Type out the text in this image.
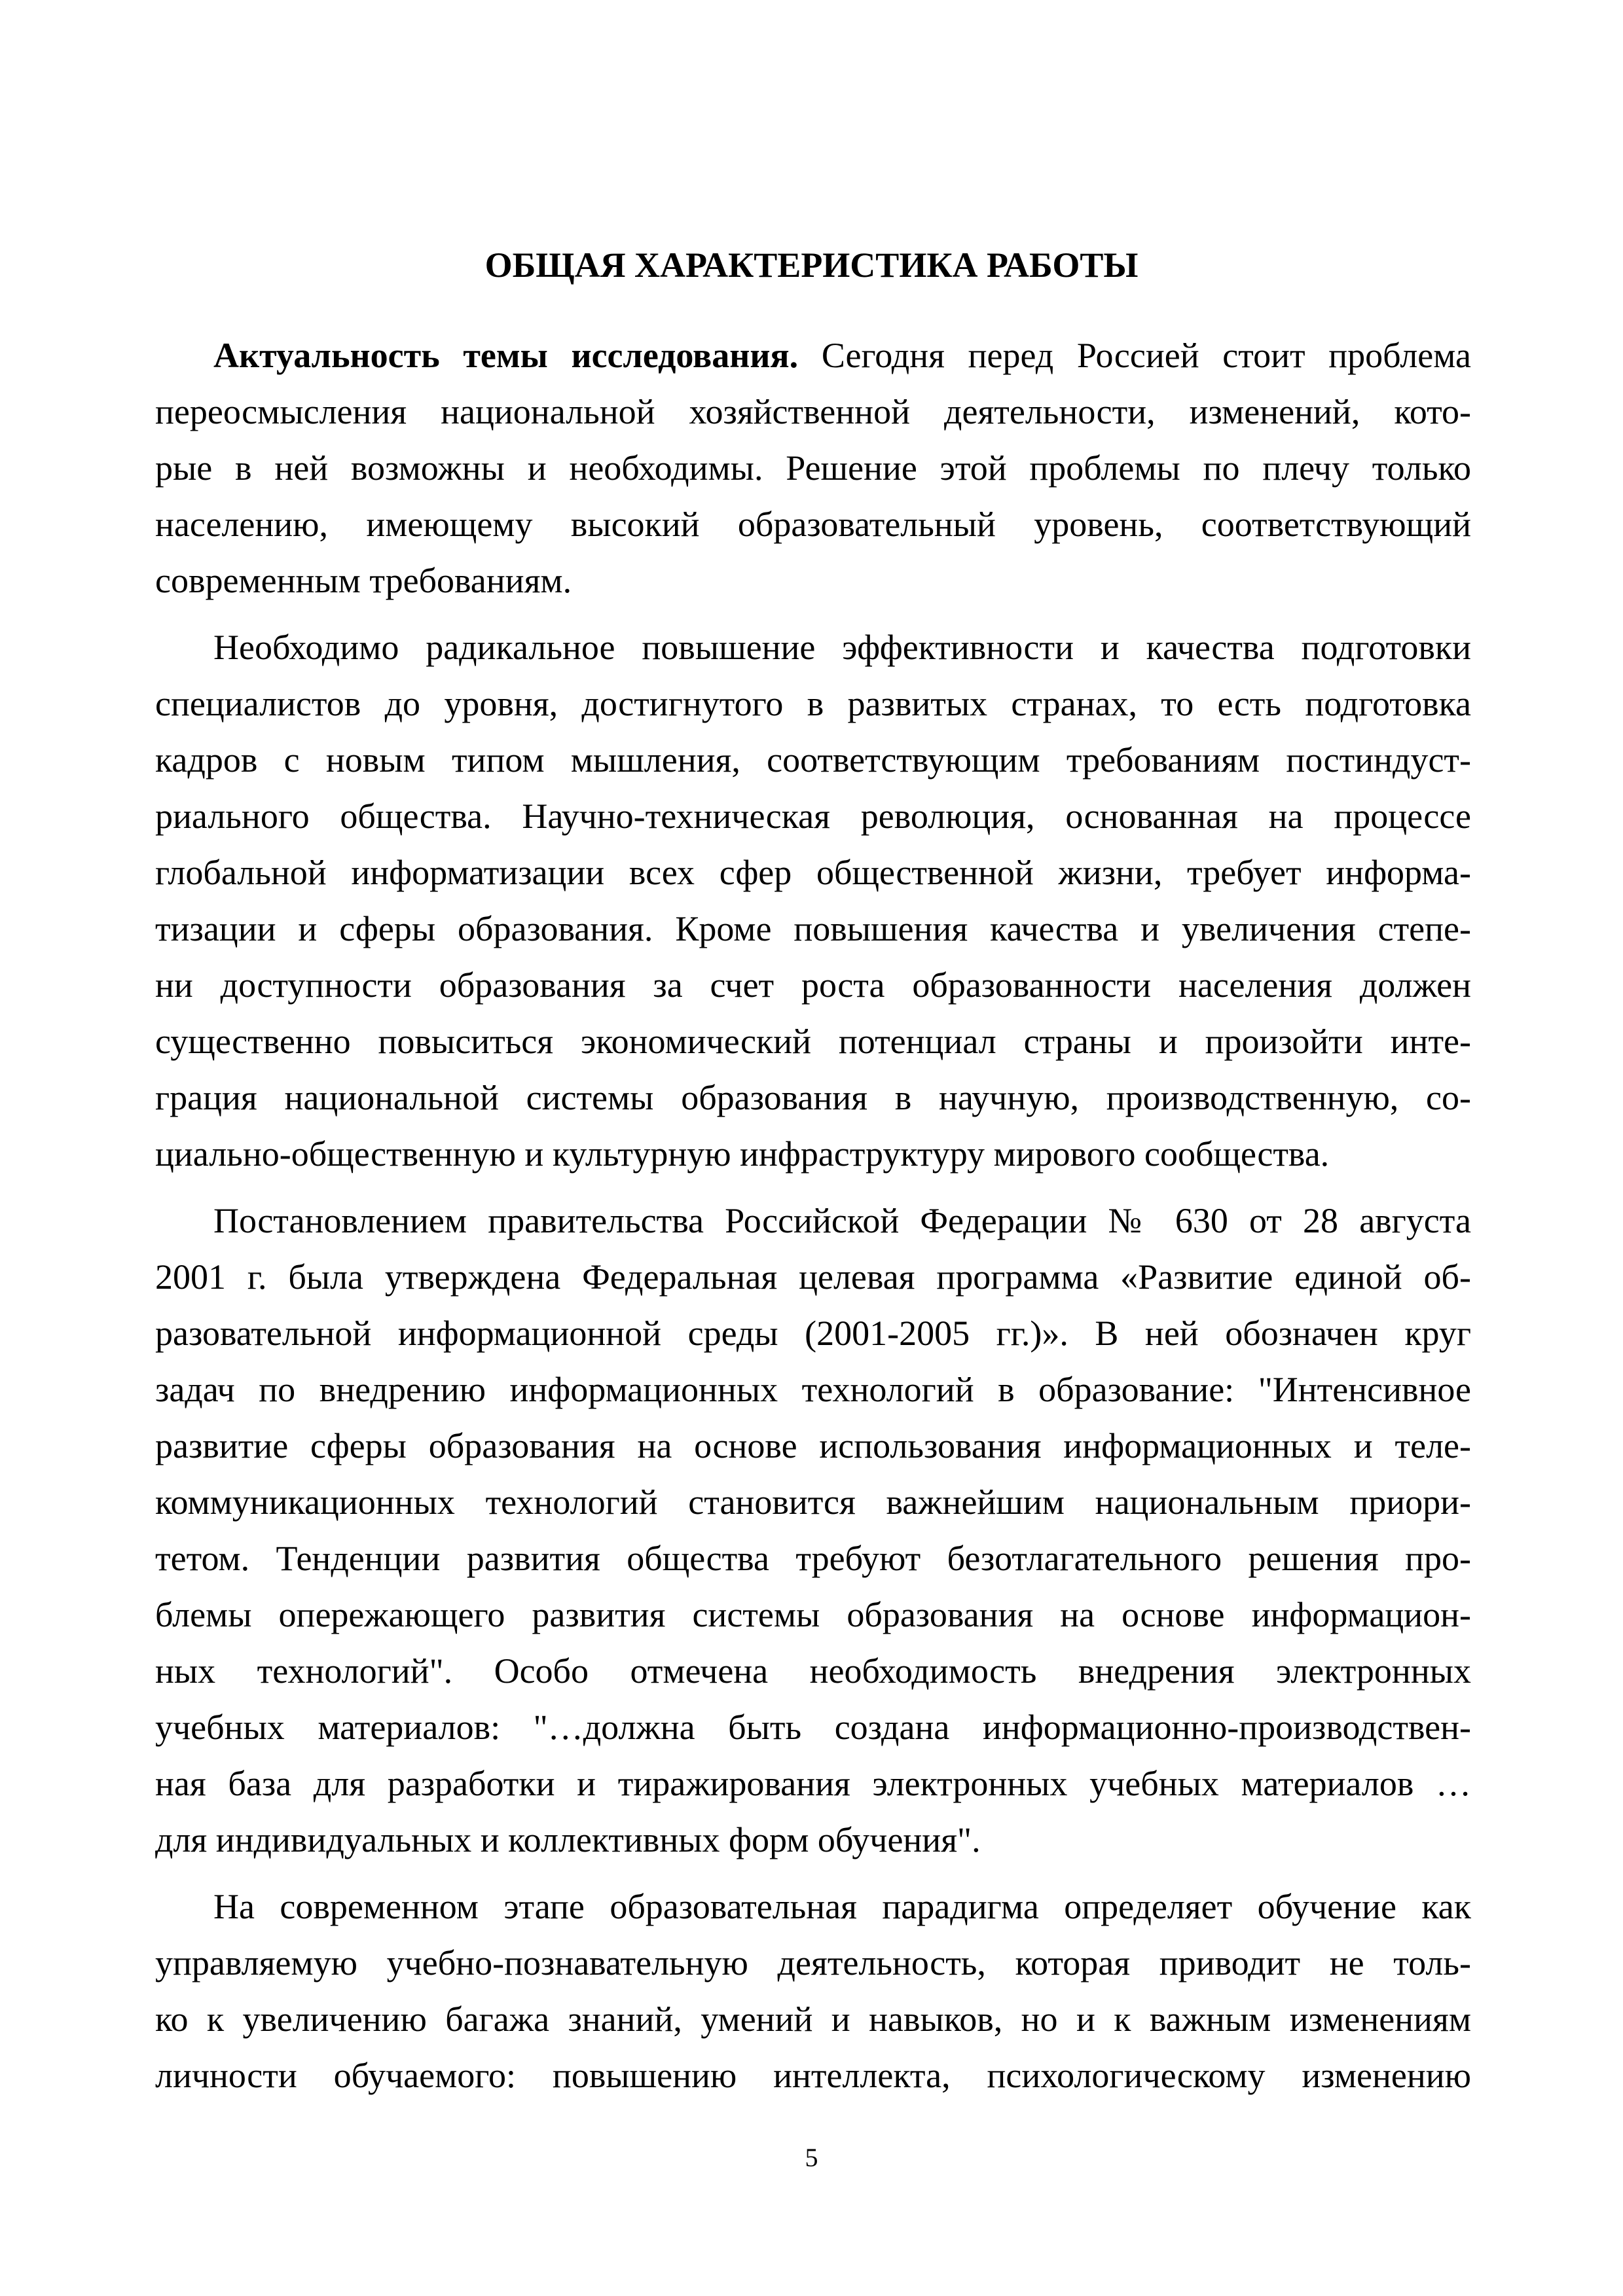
ОБЩАЯ ХАРАКТЕРИСТИКА РАБОТЫ

Актуальность темы исследования. Сегодня перед Россией стоит проблема
переосмысления национальной хозяйственной деятельности, изменений, кото-
рые в ней возможны и необходимы. Решение этой проблемы по плечу только
населению, имеющему высокий образовательный уровень, соответствующий
современным требованиям.

Необходимо радикальное повышение эффективности и качества подготовки
специалистов до уровня, достигнутого в развитых странах, то есть подготовка
кадров с новым типом мышления, соответствующим требованиям постиндуст-
риального общества. Научно-техническая революция, основанная на процессе
глобальной информатизации всех сфер общественной жизни, требует информа-
тизации и сферы образования. Кроме повышения качества и увеличения степе-
ни доступности образования за счет роста образованности населения должен
существенно повыситься экономический потенциал страны и произойти инте-
грация национальной системы образования в научную, производственную, со-
циально-общественную и культурную инфраструктуру мирового сообщества.

Постановлением правительства Российской Федерации № 630 от 28 августа
2001 г. была утверждена Федеральная целевая программа «Развитие единой об-
разовательной информационной среды (2001-2005 гг.)». В ней обозначен круг
задач по внедрению информационных технологий в образование: "Интенсивное
развитие сферы образования на основе использования информационных и теле-
коммуникационных технологий становится важнейшим национальным приори-
тетом. Тенденции развития общества требуют безотлагательного решения про-
блемы опережающего развития системы образования на основе информацион-
ных технологий". Особо отмечена необходимость внедрения электронных
учебных материалов: "…должна быть создана информационно-производствен-
ная база для разработки и тиражирования электронных учебных материалов …
для индивидуальных и коллективных форм обучения".

На современном этапе образовательная парадигма определяет обучение как
управляемую учебно-познавательную деятельность, которая приводит не толь-
ко к увеличению багажа знаний, умений и навыков, но и к важным изменениям
личности обучаемого: повышению интеллекта, психологическому изменению

5
